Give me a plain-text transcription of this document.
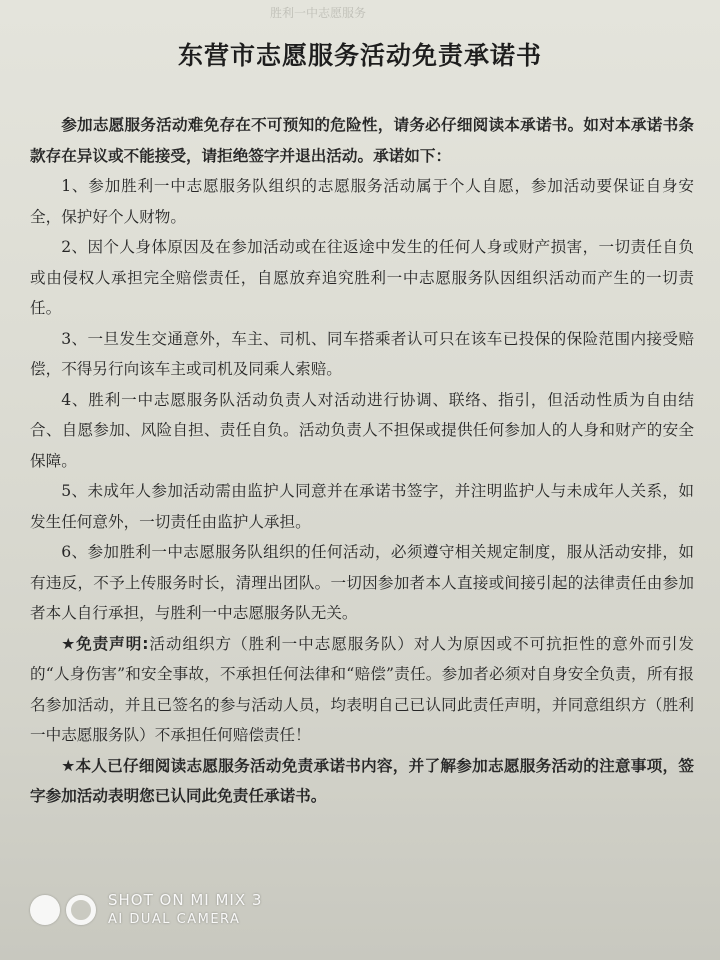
胜利一中志愿服务
东营市志愿服务活动免责承诺书

参加志愿服务活动难免存在不可预知的危险性，请务必仔细阅读本承诺书。如对本承诺书条款存在异议或不能接受，请拒绝签字并退出活动。承诺如下：

1、参加胜利一中志愿服务队组织的志愿服务活动属于个人自愿，参加活动要保证自身安全，保护好个人财物。

2、因个人身体原因及在参加活动或在往返途中发生的任何人身或财产损害，一切责任自负或由侵权人承担完全赔偿责任，自愿放弃追究胜利一中志愿服务队因组织活动而产生的一切责任。

3、一旦发生交通意外，车主、司机、同车搭乘者认可只在该车已投保的保险范围内接受赔偿，不得另行向该车主或司机及同乘人索赔。

4、胜利一中志愿服务队活动负责人对活动进行协调、联络、指引，但活动性质为自由结合、自愿参加、风险自担、责任自负。活动负责人不担保或提供任何参加人的人身和财产的安全保障。

5、未成年人参加活动需由监护人同意并在承诺书签字，并注明监护人与未成年人关系，如发生任何意外，一切责任由监护人承担。

6、参加胜利一中志愿服务队组织的任何活动，必须遵守相关规定制度，服从活动安排，如有违反，不予上传服务时长，清理出团队。一切因参加者本人直接或间接引起的法律责任由参加者本人自行承担，与胜利一中志愿服务队无关。

★免责声明:活动组织方（胜利一中志愿服务队）对人为原因或不可抗拒性的意外而引发的“人身伤害”和安全事故，不承担任何法律和“赔偿”责任。参加者必须对自身安全负责，所有报名参加活动，并且已签名的参与活动人员，均表明自己已认同此责任声明，并同意组织方（胜利一中志愿服务队）不承担任何赔偿责任！

★本人已仔细阅读志愿服务活动免责承诺书内容，并了解参加志愿服务活动的注意事项，签字参加活动表明您已认同此免责任承诺书。

SHOT ON MI MIX 3
AI DUAL CAMERA
